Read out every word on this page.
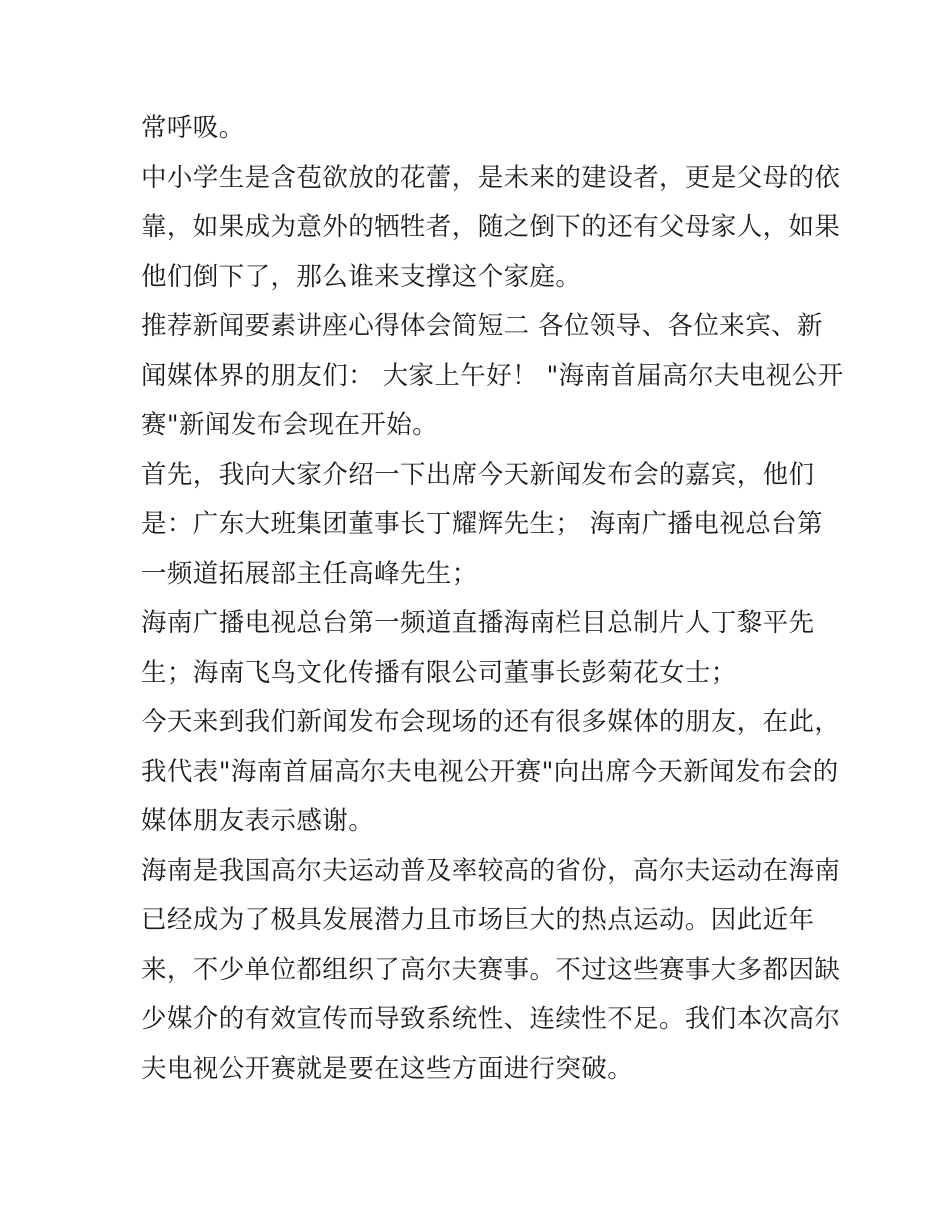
常呼吸。
中小学生是含苞欲放的花蕾，是未来的建设者，更是父母的依
靠，如果成为意外的牺牲者，随之倒下的还有父母家人，如果
他们倒下了，那么谁来支撑这个家庭。
推荐新闻要素讲座心得体会简短二 各位领导、各位来宾、新
闻媒体界的朋友们： 大家上午好！ "海南首届高尔夫电视公开
赛"新闻发布会现在开始。
首先，我向大家介绍一下出席今天新闻发布会的嘉宾，他们
是：广东大班集团董事长丁耀辉先生； 海南广播电视总台第
一频道拓展部主任高峰先生；
海南广播电视总台第一频道直播海南栏目总制片人丁黎平先
生；海南飞鸟文化传播有限公司董事长彭菊花女士；
今天来到我们新闻发布会现场的还有很多媒体的朋友，在此，
我代表"海南首届高尔夫电视公开赛"向出席今天新闻发布会的
媒体朋友表示感谢。
海南是我国高尔夫运动普及率较高的省份，高尔夫运动在海南
已经成为了极具发展潜力且市场巨大的热点运动。因此近年
来，不少单位都组织了高尔夫赛事。不过这些赛事大多都因缺
少媒介的有效宣传而导致系统性、连续性不足。我们本次高尔
夫电视公开赛就是要在这些方面进行突破。
